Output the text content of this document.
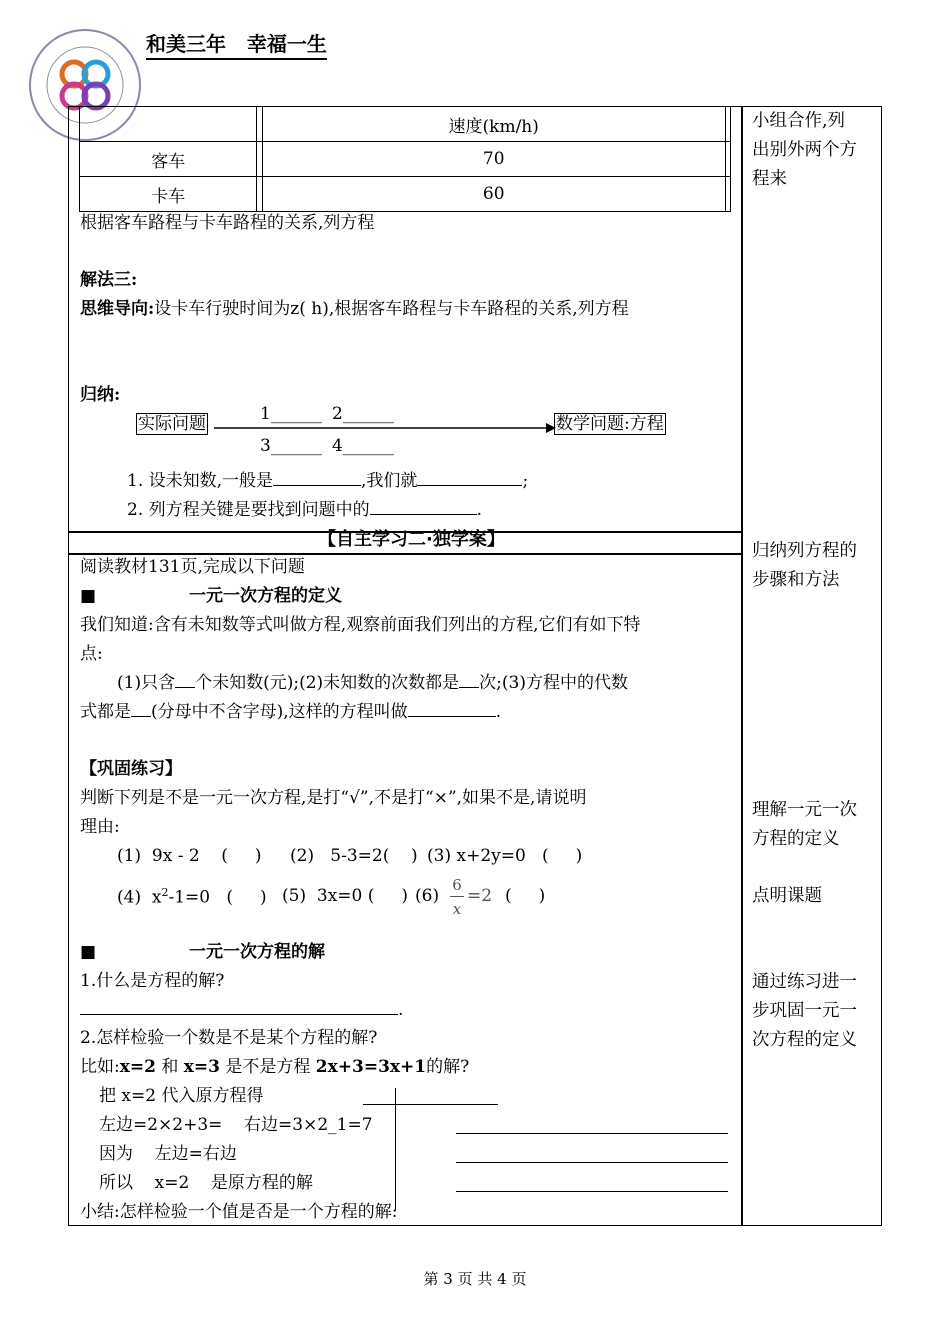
和美三年   幸福一生
		速度(km/h)	
客车		70	
卡车		60	
根据客车路程与卡车路程的关系,列方程
解法三:
思维导向:设卡车行驶时间为z( h),根据客车路程与卡车路程的关系,列方程
归纳:
实际问题	1______ 2______
3______ 4______
数学问题:方程
1. 设未知数,一般是	,我们就	;
2. 列方程关键是要找到问题中的	.
【自主学习二·独学案】
阅读教材131页,完成以下问题
■	一元一次方程的定义
我们知道:含有未知数等式叫做方程,观察前面我们列出的方程,它们有如下特
点:
(1)只含 个未知数(元);(2)未知数的次数都是 次;(3)方程中的代数
式都是 (分母中不含字母),这样的方程叫做	.
【巩固练习】
判断下列是不是一元一次方程,是打“√”,不是打“×”,如果不是,请说明
理由:
(1)  9x - 2    (     ) (2)   5-3=2(    ) (3) x+2y=0   (     )
(4)  $x^2-1=0$   (     ) (5)  3x=0 (     ) (6)
6
x
=2 (     )
■	一元一次方程的解
1.什么是方程的解?
.
2.怎样检验一个数是不是某个方程的解?
比如:x=2 和 x=3 是不是方程 2x+3=3x+1的解?
把 x=2 代入原方程得
左边=2×2+3=    右边=3×2_1=7
因为    左边=右边
所以    x=2    是原方程的解
小结:怎样检验一个值是否是一个方程的解:
小组合作,列
出别外两个方
程来
归纳列方程的
步骤和方法
理解一元一次
方程的定义
点明课题
通过练习进一
步巩固一元一
次方程的定义
第 3 页 共 4 页
